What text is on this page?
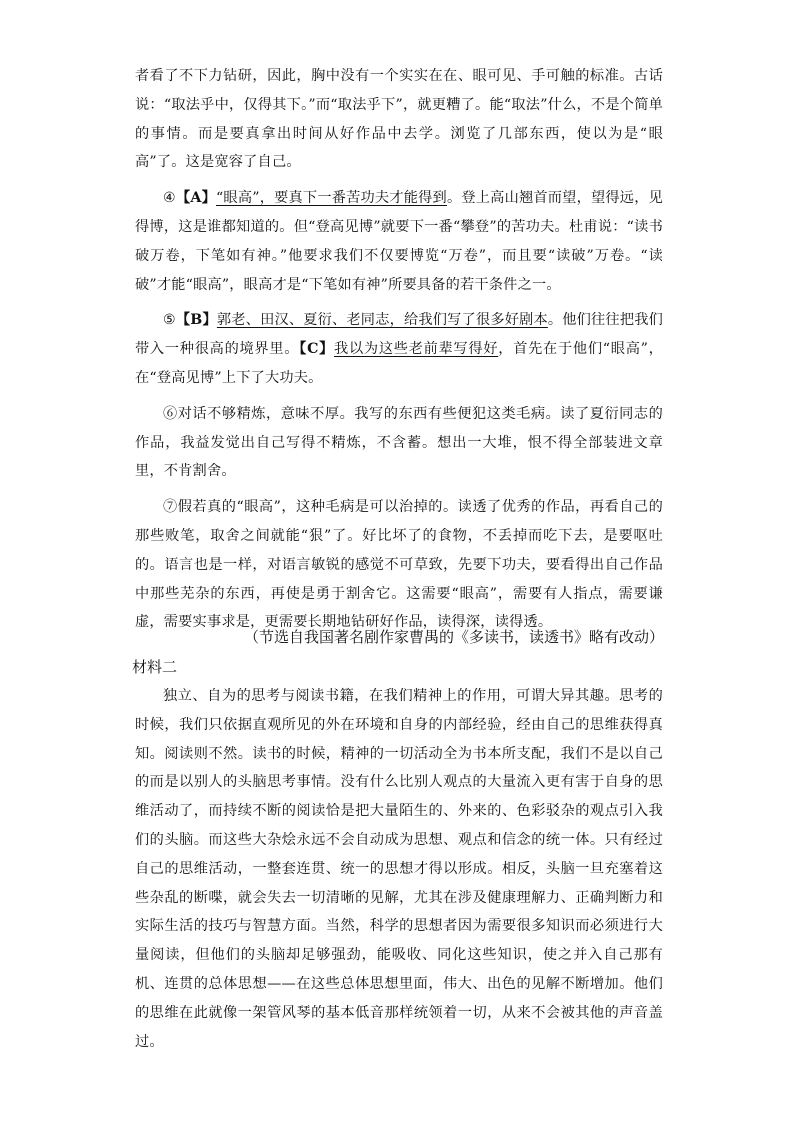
者看了不下力钻研，因此，胸中没有一个实实在在、眼可见、手可触的标准。古话说：“取法乎中，仅得其下。”而“取法乎下”，就更糟了。能“取法”什么，不是个简单的事情。而是要真拿出时间从好作品中去学。浏览了几部东西，使以为是“眼高”了。这是宽容了自己。

④【A】“眼高”，要真下一番苦功夫才能得到。登上高山翘首而望，望得远，见得博，这是谁都知道的。但“登高见博”就要下一番“攀登”的苦功夫。杜甫说：“读书破万卷，下笔如有神。”他要求我们不仅要博览“万卷”，而且要“读破”万卷。“读破”才能“眼高”，眼高才是“下笔如有神”所要具备的若干条件之一。

⑤【B】郭老、田汉、夏衍、老同志，给我们写了很多好剧本。他们往往把我们带入一种很高的境界里。【C】我以为这些老前辈写得好，首先在于他们“眼高”，在“登高见博”上下了大功夫。

⑥对话不够精炼，意味不厚。我写的东西有些便犯这类毛病。读了夏衍同志的作品，我益发觉出自己写得不精炼，不含蓄。想出一大堆，恨不得全部装进文章里，不肯割舍。

⑦假若真的“眼高”，这种毛病是可以治掉的。读透了优秀的作品，再看自己的那些败笔，取舍之间就能“狠”了。好比坏了的食物，不丢掉而吃下去，是要呕吐的。语言也是一样，对语言敏锐的感觉不可草致，先要下功夫，要看得出自己作品中那些芜杂的东西，再使是勇于割舍它。这需要“眼高”，需要有人指点，需要谦虚，需要实事求是，更需要长期地钻研好作品，读得深，读得透。

（节选自我国著名剧作家曹禺的《多读书，读透书》略有改动）
材料二

独立、自为的思考与阅读书籍，在我们精神上的作用，可谓大异其趣。思考的时候，我们只依据直观所见的外在环境和自身的内部经验，经由自己的思维获得真知。阅读则不然。读书的时候，精神的一切活动全为书本所支配，我们不是以自己的而是以别人的头脑思考事情。没有什么比别人观点的大量流入更有害于自身的思维活动了，而持续不断的阅读恰是把大量陌生的、外来的、色彩驳杂的观点引入我们的头脑。而这些大杂烩永远不会自动成为思想、观点和信念的统一体。只有经过自己的思维活动，一整套连贯、统一的思想才得以形成。相反，头脑一旦充塞着这些杂乱的断喋，就会失去一切清晰的见解，尤其在涉及健康理解力、正确判断力和实际生活的技巧与智慧方面。当然，科学的思想者因为需要很多知识而必须进行大量阅读，但他们的头脑却足够强劲，能吸收、同化这些知识，使之并入自己那有机、连贯的总体思想——在这些总体思想里面，伟大、出色的见解不断增加。他们的思维在此就像一架管风琴的基本低音那样统领着一切，从来不会被其他的声音盖过。
